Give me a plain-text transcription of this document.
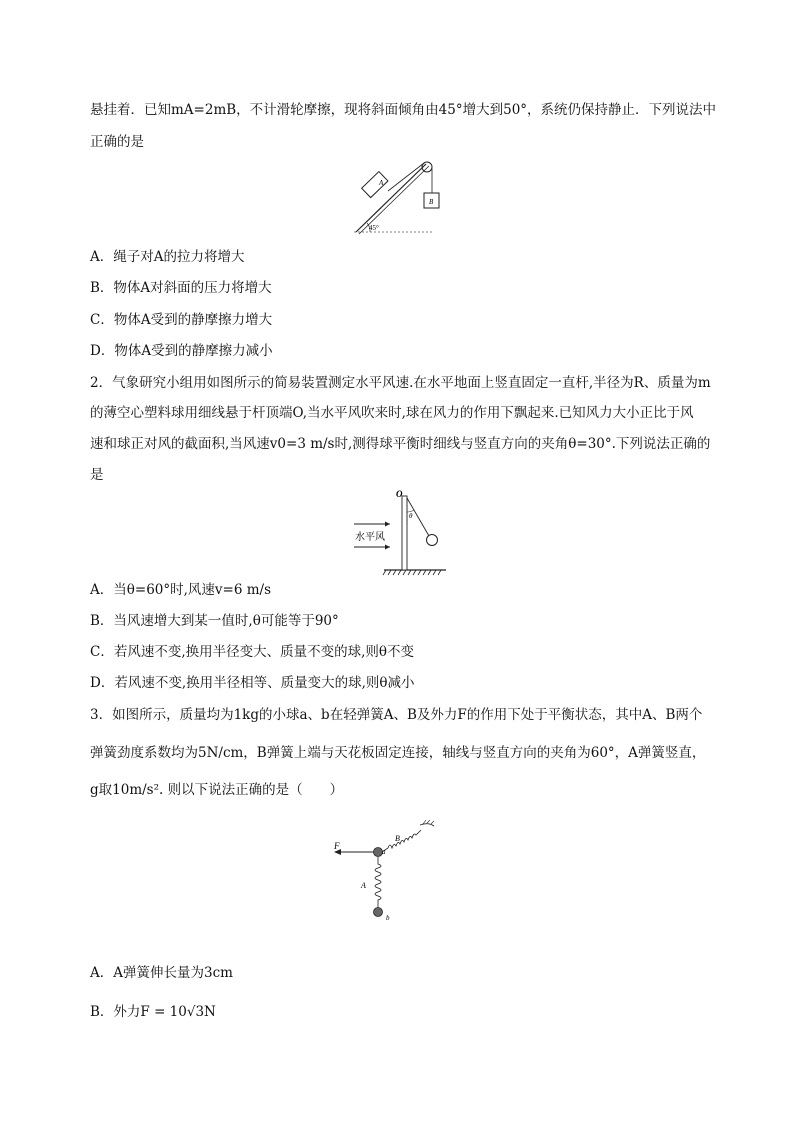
悬挂着．已知mA=2mB，不计滑轮摩擦，现将斜面倾角由45°增大到50°，系统仍保持静止．下列说法中
正确的是
A
B
45°
A．绳子对A的拉力将增大
B．物体A对斜面的压力将增大
C．物体A受到的静摩擦力增大
D．物体A受到的静摩擦力减小
2．气象研究小组用如图所示的简易装置测定水平风速.在水平地面上竖直固定一直杆,半径为R、质量为m
的薄空心塑料球用细线悬于杆顶端O,当水平风吹来时,球在风力的作用下飘起来.已知风力大小正比于风
速和球正对风的截面积,当风速v0=3 m/s时,测得球平衡时细线与竖直方向的夹角θ=30°.下列说法正确的
是
O
θ
水平风
A．当θ=60°时,风速v=6 m/s
B．当风速增大到某一值时,θ可能等于90°
C．若风速不变,换用半径变大、质量不变的球,则θ不变
D．若风速不变,换用半径相等、质量变大的球,则θ减小
3．如图所示，质量均为1kg的小球a、b在轻弹簧A、B及外力F的作用下处于平衡状态，其中A、B两个
弹簧劲度系数均为5N/cm，B弹簧上端与天花板固定连接，轴线与竖直方向的夹角为60°，A弹簧竖直，
g取10m/s². 则以下说法正确的是（　　）
B
F
a
A
b
A．A弹簧伸长量为3cm
B．外力F = 10√3N
